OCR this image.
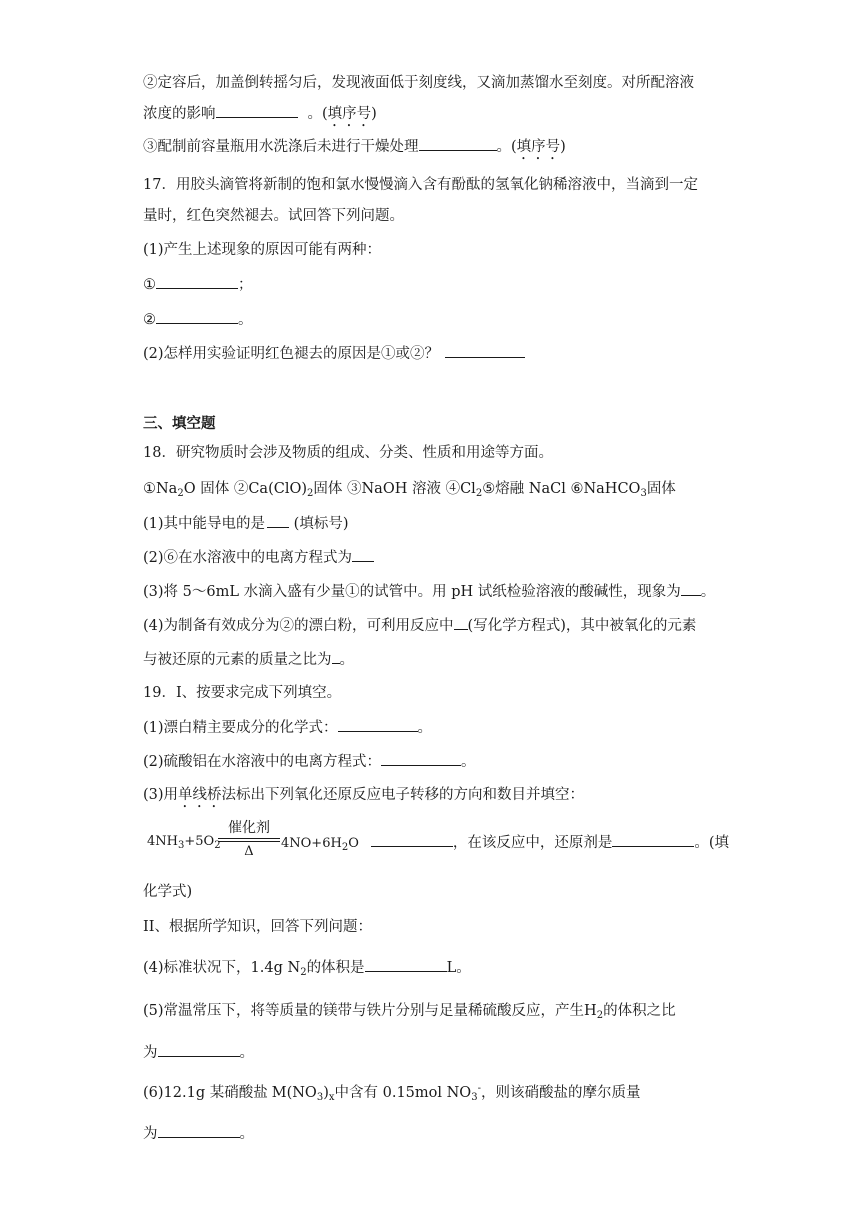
②定容后，加盖倒转摇匀后，发现液面低于刻度线，又滴加蒸馏水至刻度。对所配溶液
浓度的影响	。(填序号)
③配制前容量瓶用水洗涤后未进行干燥处理	。(填序号)
17．用胶头滴管将新制的饱和氯水慢慢滴入含有酚酞的氢氧化钠稀溶液中，当滴到一定
量时，红色突然褪去。试回答下列问题。
(1)产生上述现象的原因可能有两种：
①	；
②	。
(2)怎样用实验证明红色褪去的原因是①或②？
三、填空题
18．研究物质时会涉及物质的组成、分类、性质和用途等方面。
$①Na_2O$ 固体 $②Ca(ClO)_2$固体 ③NaOH 溶液 $④Cl_2⑤$熔融 NaCl ⑥NaHCO$_3$固体
(1)其中能导电的是 (填标号)
(2)⑥在水溶液中的电离方程式为
(3)将 5～6mL 水滴入盛有少量①的试管中。用 pH 试纸检验溶液的酸碱性，现象为 。
(4)为制备有效成分为②的漂白粉，可利用反应中 (写化学方程式)，其中被氧化的元素
与被还原的元素的质量之比为 。
19．Ⅰ、按要求完成下列填空。
(1)漂白精主要成分的化学式：	。
(2)硫酸铝在水溶液中的电离方程式：	。
(3)用单线桥法标出下列氧化还原反应电子转移的方向和数目并填空：
$4NH_3+5O_2$
催化剂
Δ
$4NO+6H_2O$	，在该反应中，还原剂是	。(填
化学式)
II、根据所学知识，回答下列问题：
(4)标准状况下，1.4g $N_2$的体积是	L。
(5)常温常压下，将等质量的镁带与铁片分别与足量稀硫酸反应，产生$H_2$的体积之比
为	。
(6)12.1g 某硝酸盐 $M(NO_3)_x$中含有 0.15mol $NO_3^-$，则该硝酸盐的摩尔质量
为	。
